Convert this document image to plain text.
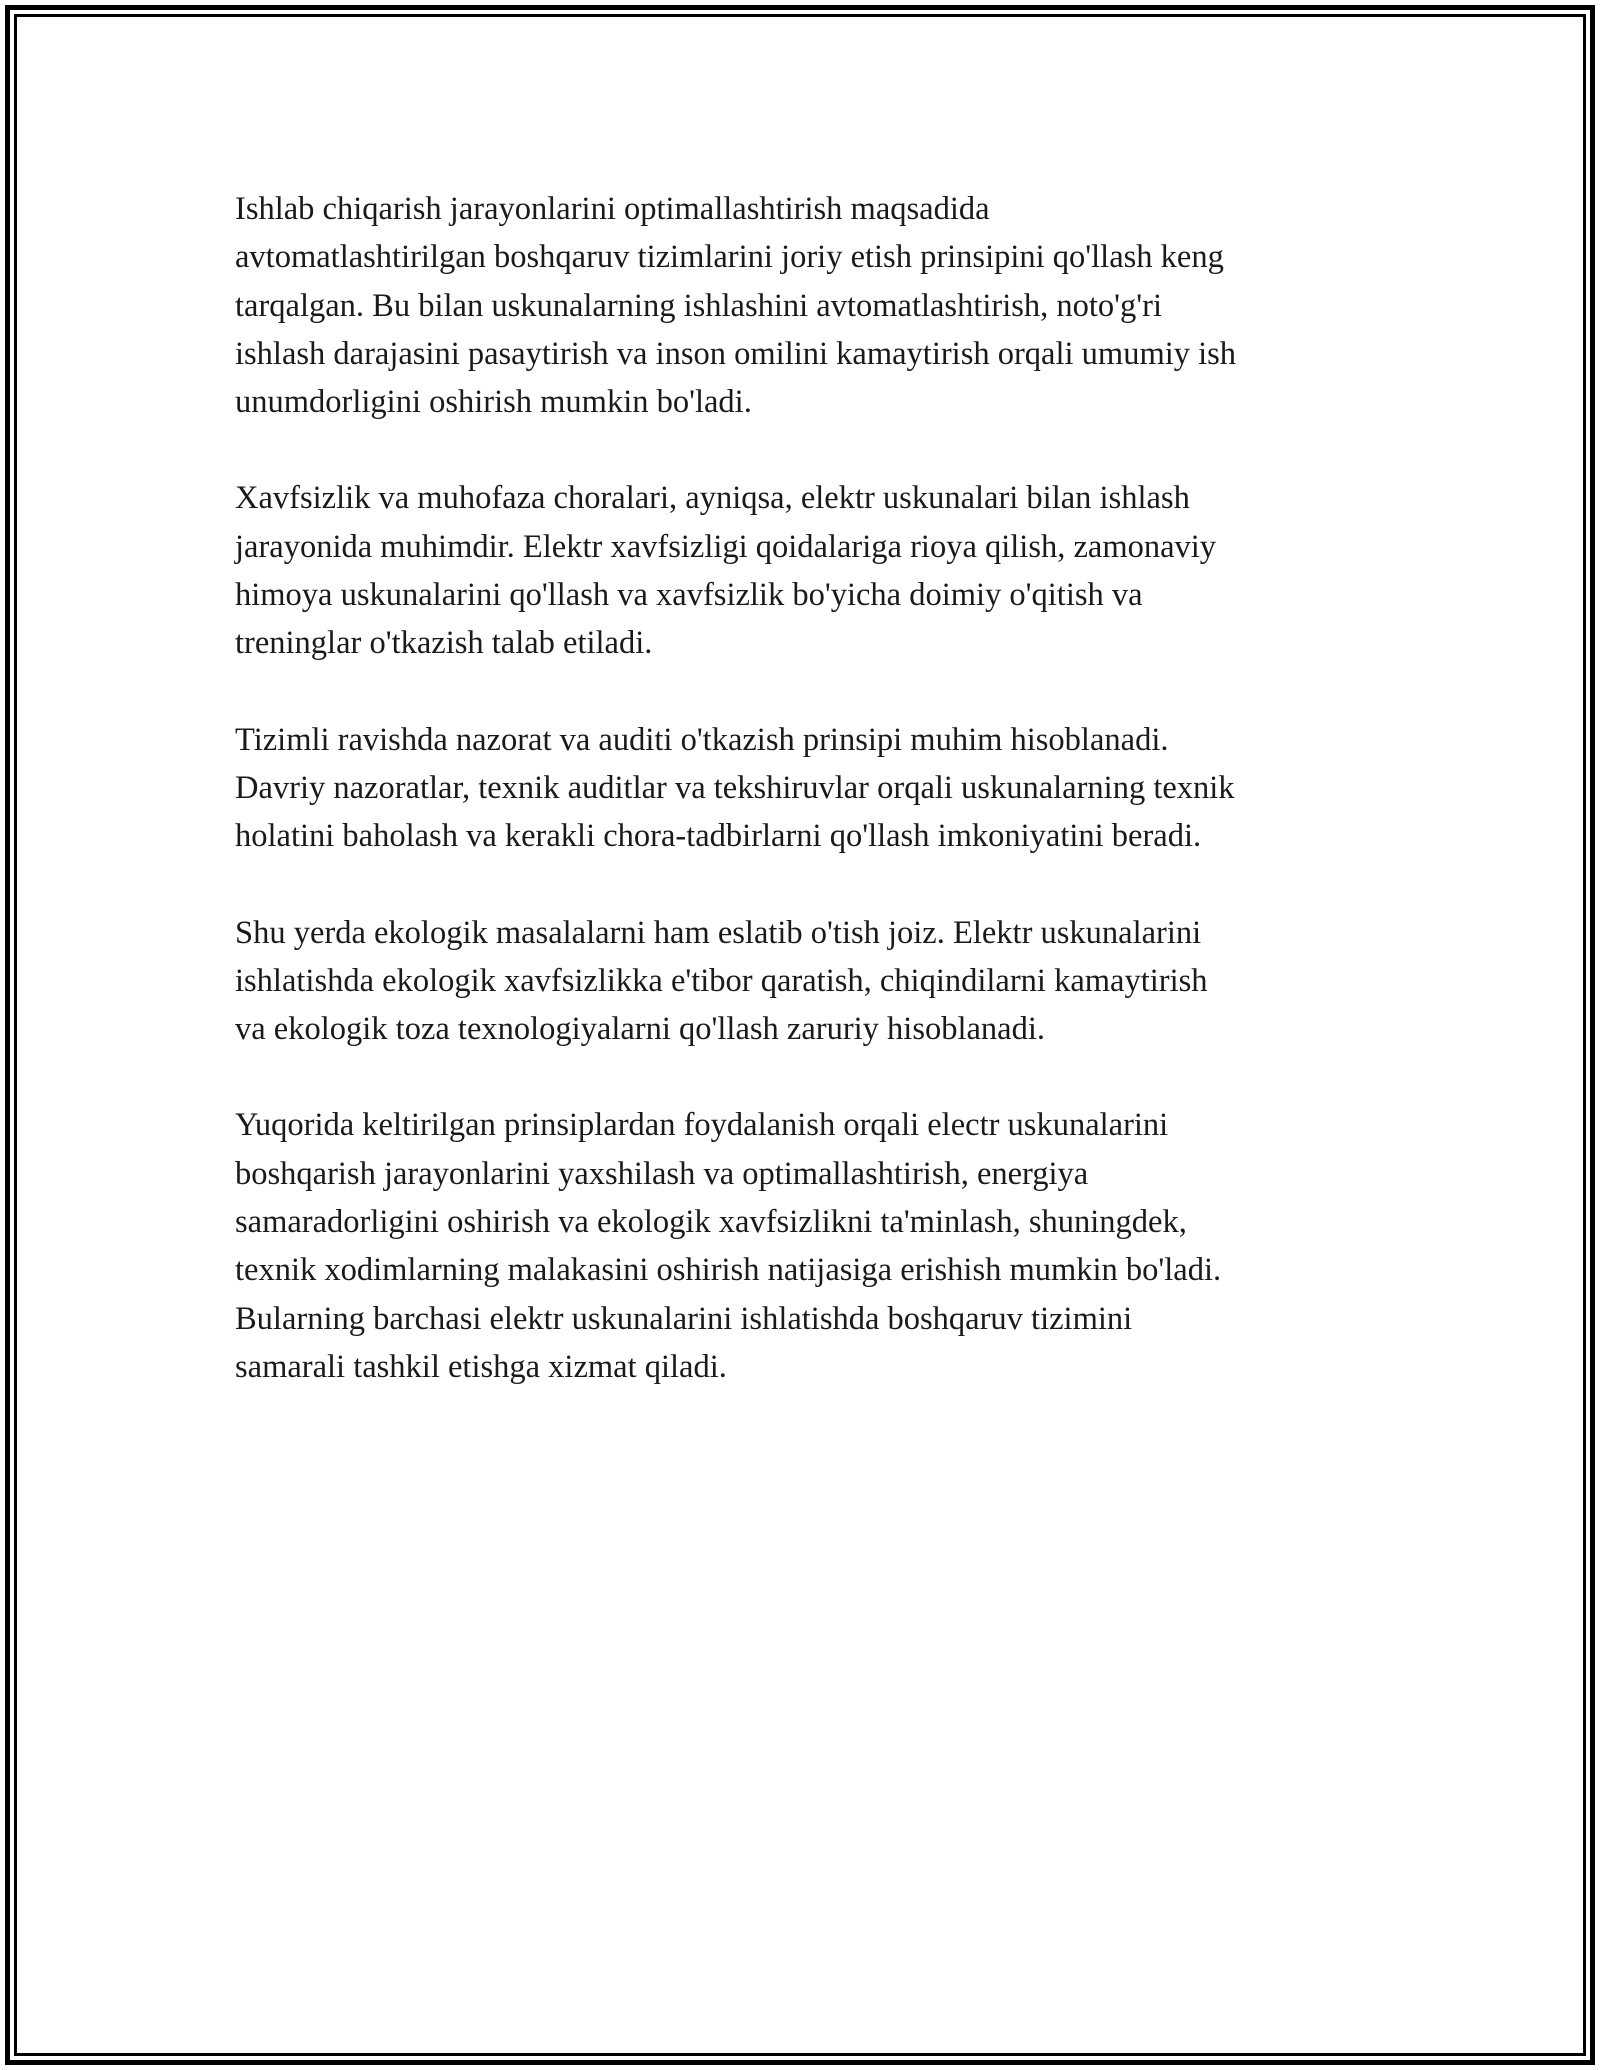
Ishlab chiqarish jarayonlarini optimallashtirish maqsadida
avtomatlashtirilgan boshqaruv tizimlarini joriy etish prinsipini qo'llash keng
tarqalgan. Bu bilan uskunalarning ishlashini avtomatlashtirish, noto'g'ri
ishlash darajasini pasaytirish va inson omilini kamaytirish orqali umumiy ish
unumdorligini oshirish mumkin bo'ladi.

Xavfsizlik va muhofaza choralari, ayniqsa, elektr uskunalari bilan ishlash
jarayonida muhimdir. Elektr xavfsizligi qoidalariga rioya qilish, zamonaviy
himoya uskunalarini qo'llash va xavfsizlik bo'yicha doimiy o'qitish va
treninglar o'tkazish talab etiladi.

Tizimli ravishda nazorat va auditi o'tkazish prinsipi muhim hisoblanadi.
Davriy nazoratlar, texnik auditlar va tekshiruvlar orqali uskunalarning texnik
holatini baholash va kerakli chora-tadbirlarni qo'llash imkoniyatini beradi.

Shu yerda ekologik masalalarni ham eslatib o'tish joiz. Elektr uskunalarini
ishlatishda ekologik xavfsizlikka e'tibor qaratish, chiqindilarni kamaytirish
va ekologik toza texnologiyalarni qo'llash zaruriy hisoblanadi.

Yuqorida keltirilgan prinsiplardan foydalanish orqali electr uskunalarini
boshqarish jarayonlarini yaxshilash va optimallashtirish, energiya
samaradorligini oshirish va ekologik xavfsizlikni ta'minlash, shuningdek,
texnik xodimlarning malakasini oshirish natijasiga erishish mumkin bo'ladi.
Bularning barchasi elektr uskunalarini ishlatishda boshqaruv tizimini
samarali tashkil etishga xizmat qiladi.
